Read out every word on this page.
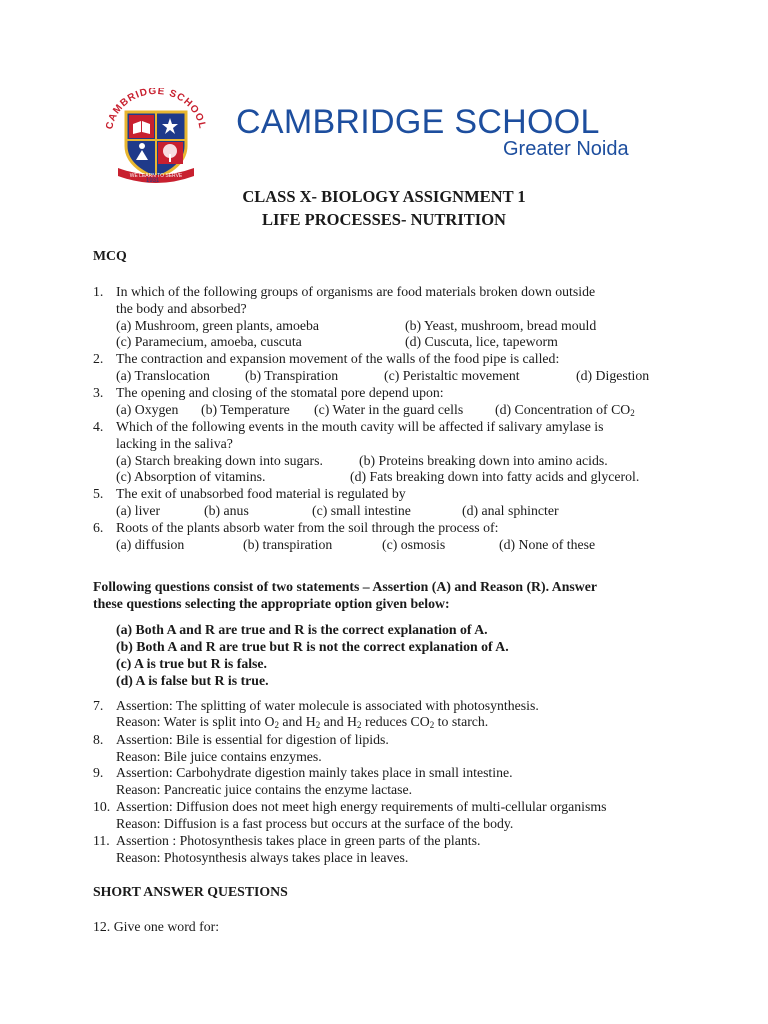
CAMBRIDGE SCHOOL
WE LEARN TO SERVE
1931
CAMBRIDGE SCHOOL
Greater Noida
CLASS X- BIOLOGY ASSIGNMENT 1
LIFE PROCESSES- NUTRITION
MCQ
1. In which of the following groups of organisms are food materials broken down outside
the body and absorbed?
(a) Mushroom, green plants, amoeba	(b) Yeast, mushroom, bread mould
(c) Paramecium, amoeba, cuscuta	(d) Cuscuta, lice, tapeworm
2. The contraction and expansion movement of the walls of the food pipe is called:
(a) Translocation	(b) Transpiration	(c) Peristaltic movement	(d) Digestion
3. The opening and closing of the stomatal pore depend upon:
(a) Oxygen (b) Temperature (c) Water in the guard cells (d) Concentration of $CO_2$
4. Which of the following events in the mouth cavity will be affected if salivary amylase is
lacking in the saliva?
(a) Starch breaking down into sugars.	(b) Proteins breaking down into amino acids.
(c) Absorption of vitamins.	(d) Fats breaking down into fatty acids and glycerol.
5. The exit of unabsorbed food material is regulated by
(a) liver	(b) anus	(c) small intestine	(d) anal sphincter
6. Roots of the plants absorb water from the soil through the process of:
(a) diffusion	(b) transpiration	(c) osmosis	(d) None of these
Following questions consist of two statements – Assertion (A) and Reason (R). Answer
these questions selecting the appropriate option given below:
(a) Both A and R are true and R is the correct explanation of A.
(b) Both A and R are true but R is not the correct explanation of A.
(c) A is true but R is false.
(d) A is false but R is true.
7. Assertion: The splitting of water molecule is associated with photosynthesis.
Reason: Water is split into $O_2$ and $H_2$ and $H_2$ reduces $CO_2$ to starch.
8. Assertion: Bile is essential for digestion of lipids.
Reason: Bile juice contains enzymes.
9. Assertion: Carbohydrate digestion mainly takes place in small intestine.
Reason: Pancreatic juice contains the enzyme lactase.
10. Assertion: Diffusion does not meet high energy requirements of multi-cellular organisms
Reason: Diffusion is a fast process but occurs at the surface of the body.
11. Assertion : Photosynthesis takes place in green parts of the plants.
Reason: Photosynthesis always takes place in leaves.
SHORT ANSWER QUESTIONS
12. Give one word for:
